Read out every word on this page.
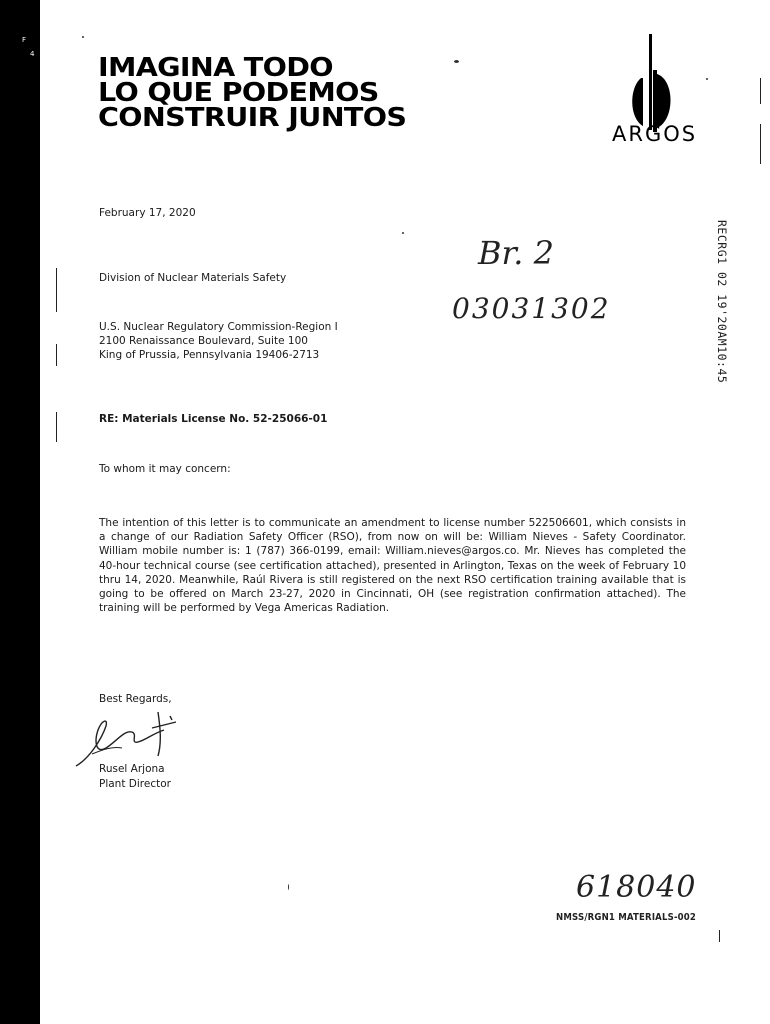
F
4 IMAGINA TODO
LO QUE PODEMOS
CONSTRUIR JUNTOS
ARGOS
February 17, 2020
Division of Nuclear Materials Safety
U.S. Nuclear Regulatory Commission-Region I
2100 Renaissance Boulevard, Suite 100
King of Prussia, Pennsylvania 19406-2713
RE: Materials License No. 52-25066-01
To whom it may concern:
The intention of this letter is to communicate an amendment to license number 522506601, which consists in a change of our Radiation Safety Officer (RSO), from now on will be: William Nieves - Safety Coordinator. William mobile number is: 1 (787) 366-0199, email: William.nieves@argos.co. Mr. Nieves has completed the 40-hour technical course (see certification attached), presented in Arlington, Texas on the week of February 10 thru 14, 2020. Meanwhile, Raúl Rivera is still registered on the next RSO certification training available that is going to be offered on March 23-27, 2020 in Cincinnati, OH (see registration confirmation attached). The training will be performed by Vega Americas Radiation.
Best Regards,
Rusel Arjona
Plant Director
Br. 2
03031302
618040
RECRG1 02 19'20AM10:45
NMSS/RGN1 MATERIALS-002
